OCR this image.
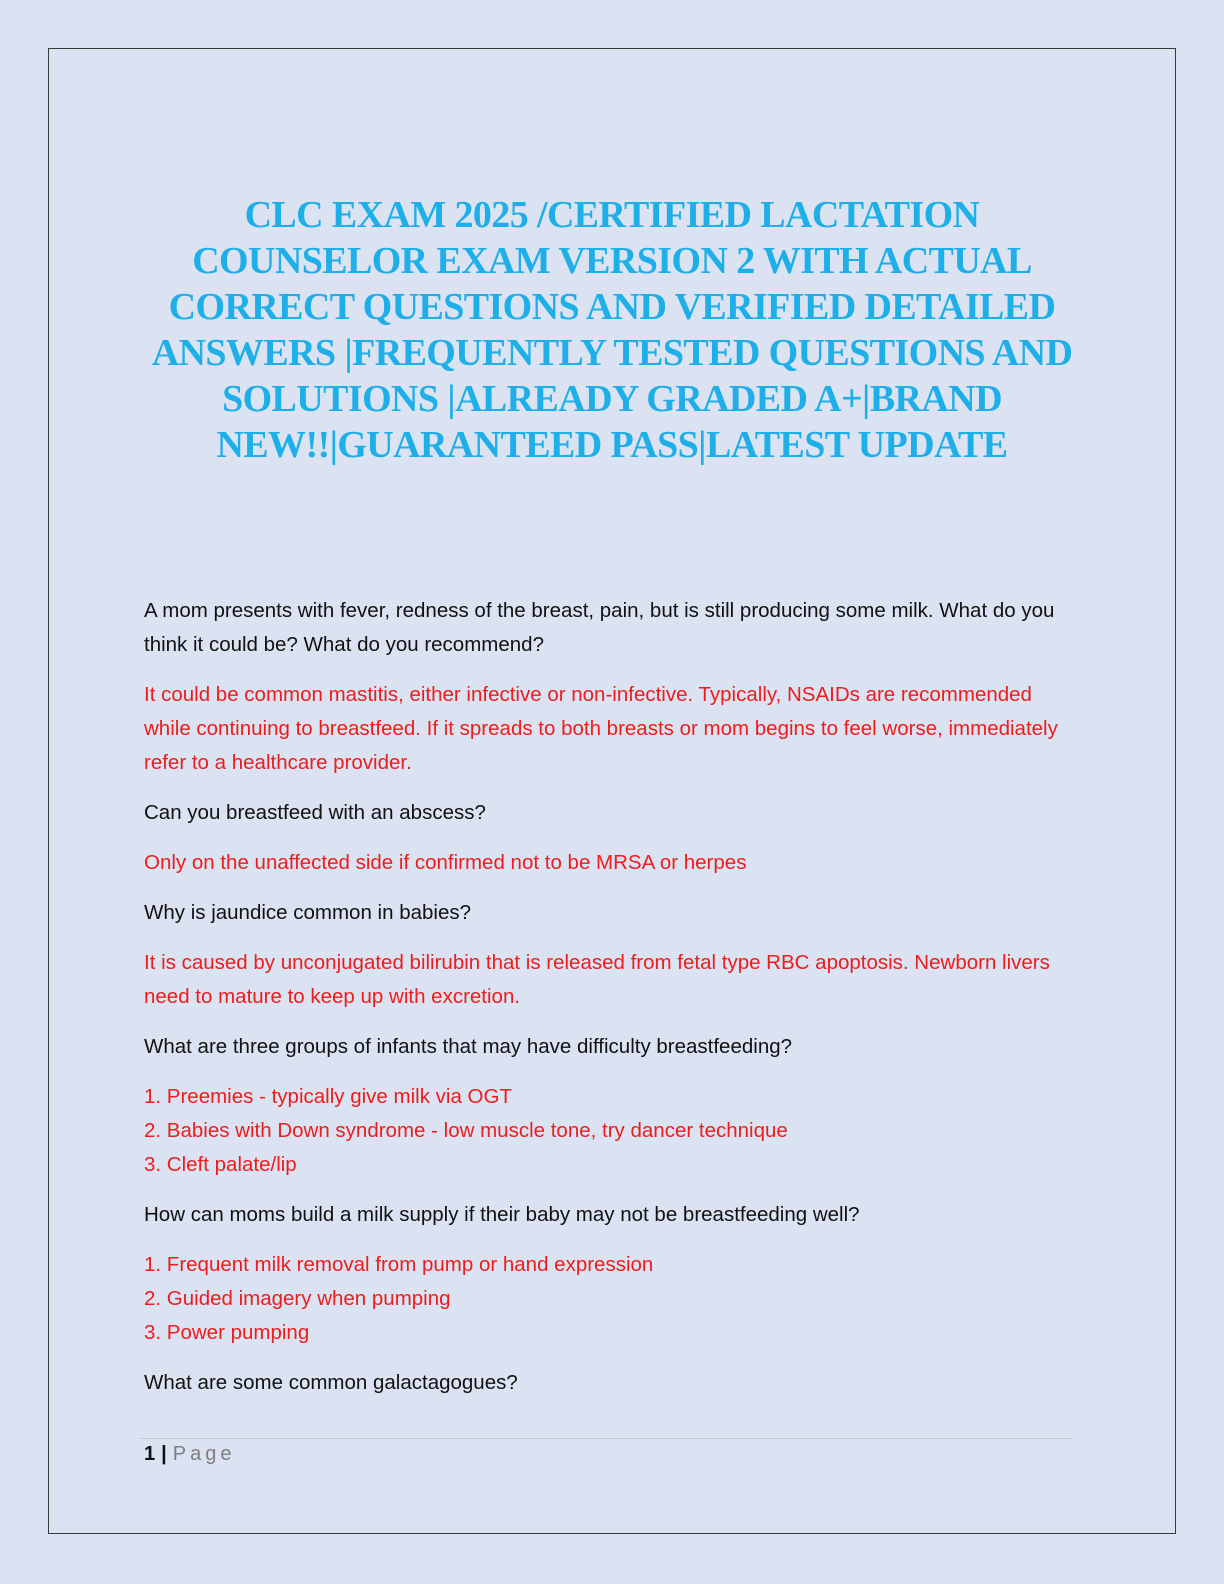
CLC EXAM 2025 /CERTIFIED LACTATION COUNSELOR EXAM VERSION 2 WITH ACTUAL CORRECT QUESTIONS AND VERIFIED DETAILED ANSWERS |FREQUENTLY TESTED QUESTIONS AND SOLUTIONS |ALREADY GRADED A+|BRAND NEW!!|GUARANTEED PASS|LATEST UPDATE

A mom presents with fever, redness of the breast, pain, but is still producing some milk. What do you think it could be? What do you recommend?

It could be common mastitis, either infective or non-infective. Typically, NSAIDs are recommended while continuing to breastfeed. If it spreads to both breasts or mom begins to feel worse, immediately refer to a healthcare provider.

Can you breastfeed with an abscess?

Only on the unaffected side if confirmed not to be MRSA or herpes

Why is jaundice common in babies?

It is caused by unconjugated bilirubin that is released from fetal type RBC apoptosis. Newborn livers need to mature to keep up with excretion.

What are three groups of infants that may have difficulty breastfeeding?

1. Preemies - typically give milk via OGT
2. Babies with Down syndrome - low muscle tone, try dancer technique
3. Cleft palate/lip

How can moms build a milk supply if their baby may not be breastfeeding well?

1. Frequent milk removal from pump or hand expression
2. Guided imagery when pumping
3. Power pumping

What are some common galactagogues?

1 | Page
